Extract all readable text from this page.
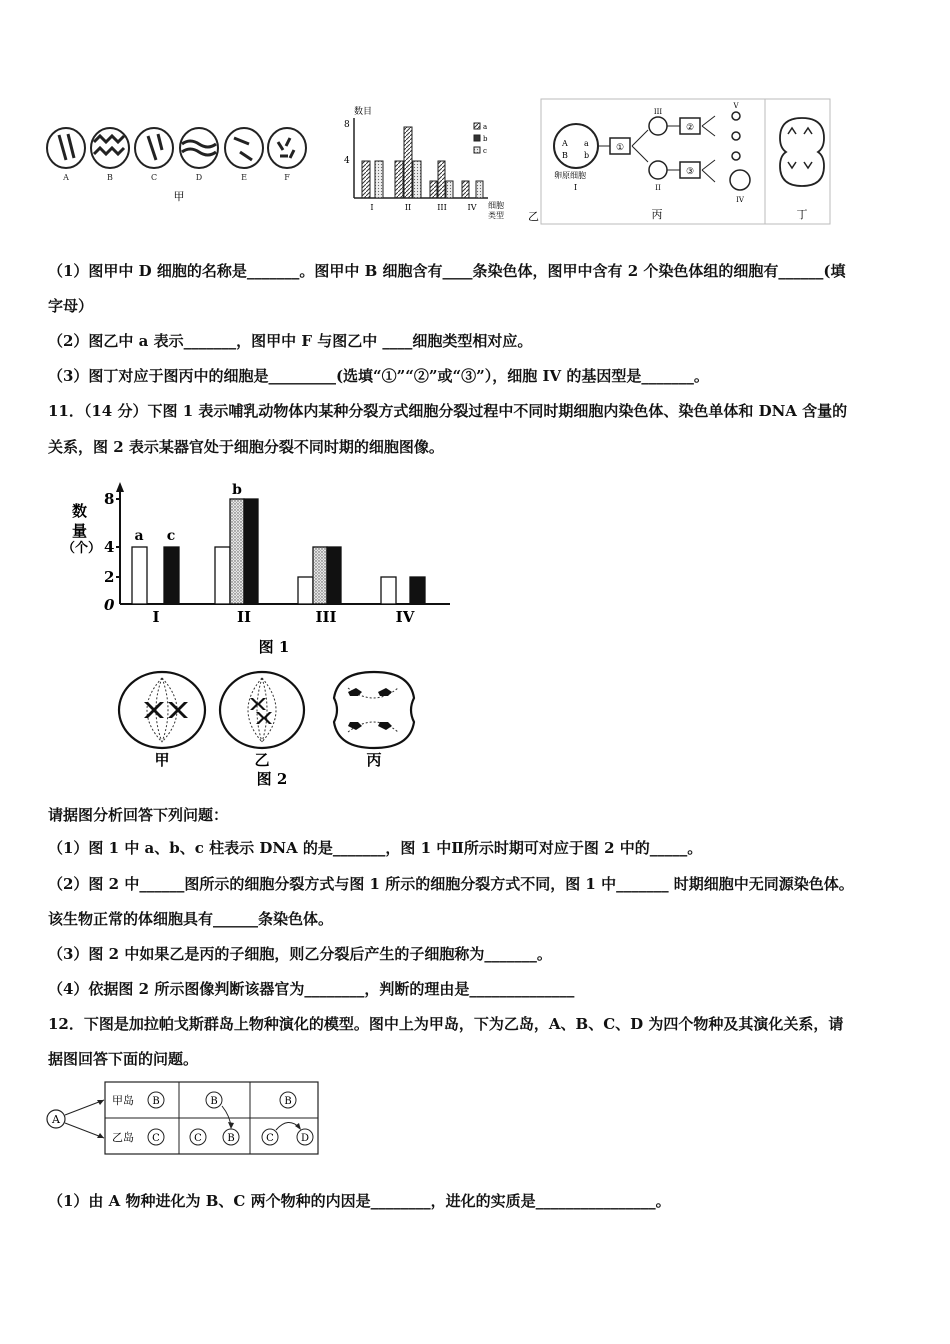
A	B	C	D	E	F
甲
数目
8
4
I	II	III	IV 细胞
类型
a
b
c
乙
A a
B b
卵原细胞
I
①
III
II
②
③
V
IV
丙	丁
（1）图甲中 D 细胞的名称是_______。图甲中 B 细胞含有____条染色体，图甲中含有 2 个染色体组的细胞有______(填
字母）
（2）图乙中 a 表示_______，图甲中 F 与图乙中 ____细胞类型相对应。
（3）图丁对应于图丙中的细胞是_________(选填“①”“②”或“③”），细胞 IV 的基因型是_______。
11．（14 分）下图 1 表示哺乳动物体内某种分裂方式细胞分裂过程中不同时期细胞内染色体、染色单体和 DNA 含量的
关系，图 2 表示某器官处于细胞分裂不同时期的细胞图像。
数
量
（个）
8
4
2
0
a
b
c
I	II	III	IV
图 1
甲	乙	丙
图 2
请据图分析回答下列问题：
（1）图 1 中 a、b、c 柱表示 DNA 的是_______，图 1 中Ⅱ所示时期可对应于图 2 中的_____。
（2）图 2 中______图所示的细胞分裂方式与图 1 所示的细胞分裂方式不同，图 1 中_______ 时期细胞中无同源染色体。
该生物正常的体细胞具有______条染色体。
（3）图 2 中如果乙是丙的子细胞，则乙分裂后产生的子细胞称为_______。
（4）依据图 2 所示图像判断该器官为________，判断的理由是______________
12．下图是加拉帕戈斯群岛上物种演化的模型。图中上为甲岛，下为乙岛，A、B、C、D 为四个物种及其演化关系，请
据图回答下面的问题。
A
甲岛
乙岛
B	B	B
C	C	B	C	D
（1）由 A 物种进化为 B、C 两个物种的内因是________，进化的实质是________________。
